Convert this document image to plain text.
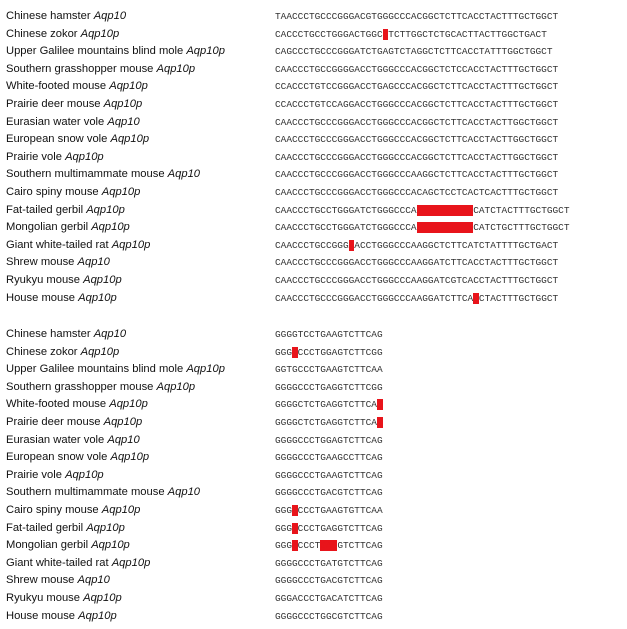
Chinese hamster Aqp10	TAACCCTGCCCGGGACGTGGGCCCACGGCTCTTCACCTACTTTGCTGGCT
Chinese zokor Aqp10p	CACCCTGCCTGGGACTGGCCTCTTGGCTCTGCACTTACTTGGCTGACT
Upper Galilee mountains blind mole Aqp10p	CAGCCCTGCCCGGGATCTGAGTCTAGGCTCTTCACCTATTTGGCTGGCT
Southern grasshopper mouse Aqp10p	CAACCCTGCCGGGGACCTGGGCCCACGGCTCTCCACCTACTTTGCTGGCT
White-footed mouse Aqp10p	CCACCCTGTCCGGGACCTGAGCCCACGGCTCTTCACCTACTTTGCTGGCT
Prairie deer mouse Aqp10p	CCACCCTGTCCAGGACCTGGGCCCACGGCTCTTCACCTACTTTGCTGGCT
Eurasian water vole Aqp10	CAACCCTGCCCGGGACCTGGGCCCACGGCTCTTCACCTACTTGGCTGGCT
European snow vole Aqp10p	CAACCCTGCCCGGGACCTGGGCCCACGGCTCTTCACCTACTTGGCTGGCT
Prairie vole Aqp10p	CAACCCTGCCCGGGACCTGGGCCCACGGCTCTTCACCTACTTGGCTGGCT
Southern multimammate mouse Aqp10	CAACCCTGCCCGGGACCTGGGCCCAAGGCTCTTCACCTACTTTGCTGGCT
Cairo spiny mouse Aqp10p	CAACCCTGCCCGGGACCTGGGCCCACAGCTCCTCACTCACTTTGCTGGCT
Fat-tailed gerbil Aqp10p	CAACCCTGCCTGGGATCTGGGCCCA----------CATCTACTTTGCTGGCT
Mongolian gerbil Aqp10p	CAACCCTGCCTGGGATCTGGGCCCA----------CATCTGCTTTGCTGGCT
Giant white-tailed rat Aqp10p	CAACCCTGCCGGGAACCTGGGCCCAAGGCTCTTCATCTATTTTGCTGACT
Shrew mouse Aqp10	CAACCCTGCCCGGGACCTGGGCCCAAGGATCTTCACCTACTTTGCTGGCT
Ryukyu mouse Aqp10p	CAACCCTGCCCGGGACCTGGGCCCAAGGATCGTCACCTACTTTGCTGGCT
House mouse Aqp10p	CAACCCTGCCCGGGACCTGGGCCCAAGGATCTTCACCTACTTTGCTGGCT
Chinese hamster Aqp10	GGGGTCCTGAAGTCTTCAG
Chinese zokor Aqp10p	GGGGCCCTGGAGTCTTCGG
Upper Galilee mountains blind mole Aqp10p	GGTGCCCTGAAGTCTTCAA
Southern grasshopper mouse Aqp10p	GGGGCCCTGAGGTCTTCGG
White-footed mouse Aqp10p	GGGGCTCTGAGGTCTTCAG
Prairie deer mouse Aqp10p	GGGGCTCTGAGGTCTTCAG
Eurasian water vole Aqp10	GGGGCCCTGGAGTCTTCAG
European snow vole Aqp10p	GGGGCCCTGAAGCCTTCAG
Prairie vole Aqp10p	GGGGCCCTGAAGTCTTCAG
Southern multimammate mouse Aqp10	GGGGCCCTGACGTCTTCAG
Cairo spiny mouse Aqp10p	GGGGCCCTGAAGTGTTCAA
Fat-tailed gerbil Aqp10p	GGGGCCCTGAGGTCTTCAG
Mongolian gerbil Aqp10p	GGGGCCCTGAGGTCTTCAG
Giant white-tailed rat Aqp10p	GGGGCCCTGATGTCTTCAG
Shrew mouse Aqp10	GGGGCCCTGACGTCTTCAG
Ryukyu mouse Aqp10p	GGGACCCTGACATCTTCAG
House mouse Aqp10p	GGGGCCCTGGCGTCTTCAG
